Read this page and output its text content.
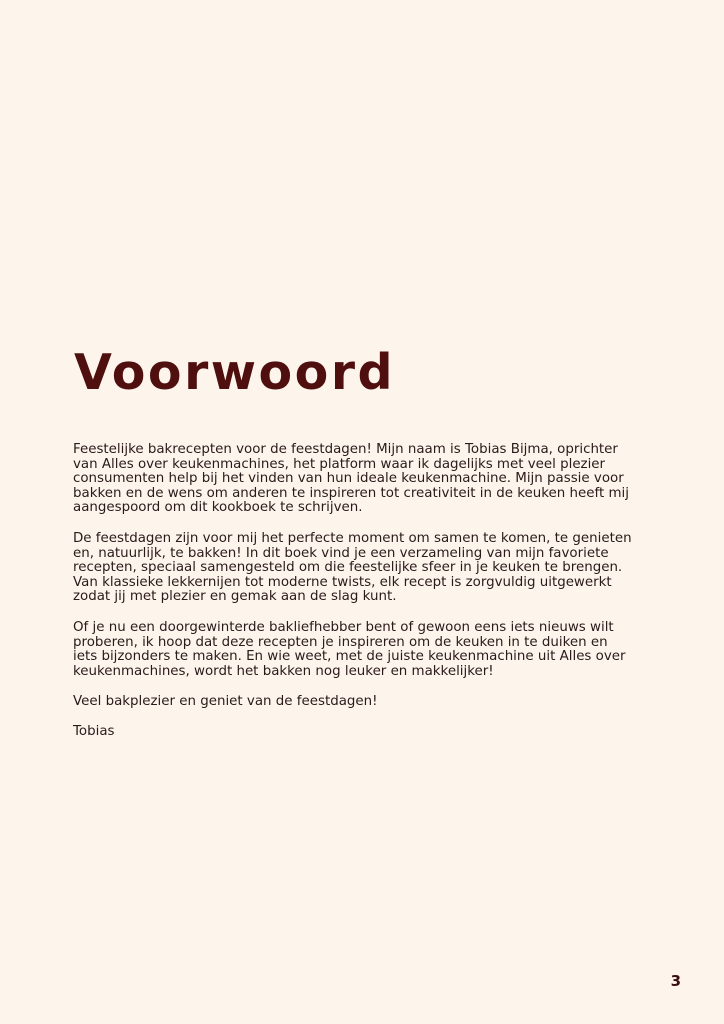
Voorwoord

Feestelijke bakrecepten voor de feestdagen! Mijn naam is Tobias Bijma, oprichter
van Alles over keukenmachines, het platform waar ik dagelijks met veel plezier
consumenten help bij het vinden van hun ideale keukenmachine. Mijn passie voor
bakken en de wens om anderen te inspireren tot creativiteit in de keuken heeft mij
aangespoord om dit kookboek te schrijven.

De feestdagen zijn voor mij het perfecte moment om samen te komen, te genieten
en, natuurlijk, te bakken! In dit boek vind je een verzameling van mijn favoriete
recepten, speciaal samengesteld om die feestelijke sfeer in je keuken te brengen.
Van klassieke lekkernijen tot moderne twists, elk recept is zorgvuldig uitgewerkt
zodat jij met plezier en gemak aan de slag kunt.

Of je nu een doorgewinterde bakliefhebber bent of gewoon eens iets nieuws wilt
proberen, ik hoop dat deze recepten je inspireren om de keuken in te duiken en
iets bijzonders te maken. En wie weet, met de juiste keukenmachine uit Alles over
keukenmachines, wordt het bakken nog leuker en makkelijker!

Veel bakplezier en geniet van de feestdagen!

Tobias

3
